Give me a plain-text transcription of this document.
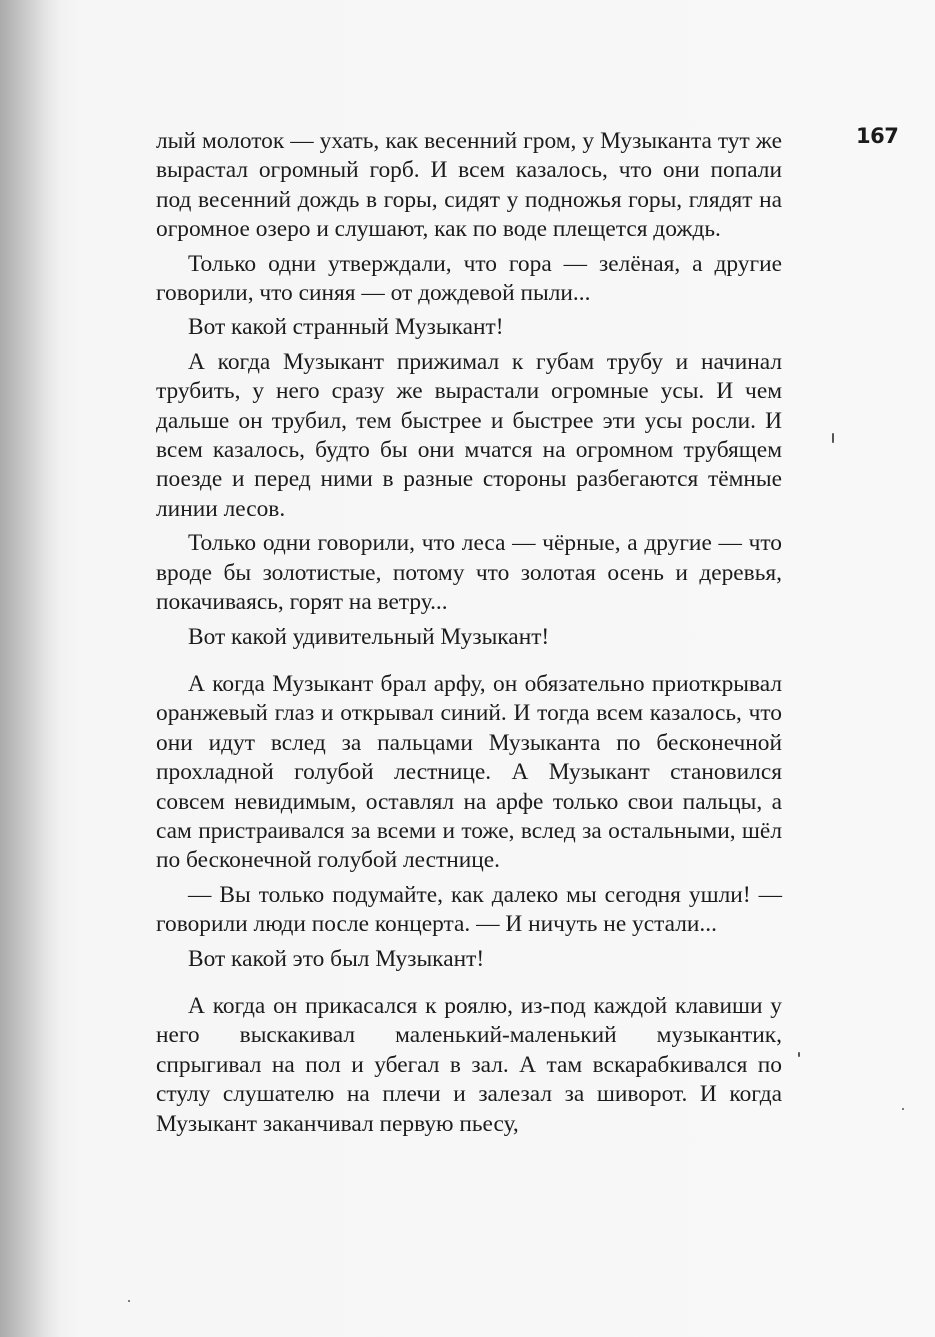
167

лый молоток — ухать, как весенний гром, у Музыканта тут же вырастал огромный горб. И всем казалось, что они попали под весенний дождь в горы, сидят у подножья горы, глядят на огромное озеро и слушают, как по воде плещется дождь.

Только одни утверждали, что гора — зелёная, а другие говорили, что синяя — от дождевой пыли...

Вот какой странный Музыкант!

А когда Музыкант прижимал к губам трубу и начинал трубить, у него сразу же вырастали огромные усы. И чем дальше он трубил, тем быстрее и быстрее эти усы росли. И всем казалось, будто бы они мчатся на огромном трубящем поезде и перед ними в разные стороны разбегаются тёмные линии лесов.

Только одни говорили, что леса — чёрные, а другие — что вроде бы золотистые, потому что золотая осень и деревья, покачиваясь, горят на ветру...

Вот какой удивительный Музыкант!

А когда Музыкант брал арфу, он обязательно приоткрывал оранжевый глаз и открывал синий. И тогда всем казалось, что они идут вслед за пальцами Музыканта по бесконечной прохладной голубой лестнице. А Музыкант становился совсем невидимым, оставлял на арфе только свои пальцы, а сам пристраивался за всеми и тоже, вслед за остальными, шёл по бесконечной голубой лестнице.

— Вы только подумайте, как далеко мы сегодня ушли! — говорили люди после концерта. — И ничуть не устали...

Вот какой это был Музыкант!

А когда он прикасался к роялю, из-под каждой клавиши у него выскакивал маленький-маленький музыкантик, спрыгивал на пол и убегал в зал. А там вскарабкивался по стулу слушателю на плечи и залезал за шиворот. И когда Музыкант заканчивал первую пьесу,
